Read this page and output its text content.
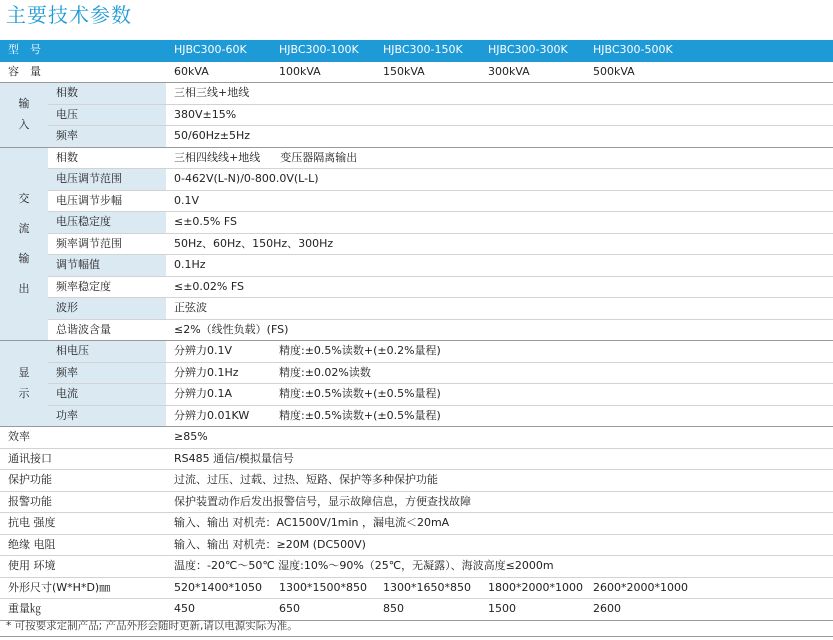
主要技术参数
型　号		HJBC300-60K	HJBC300-100K	HJBC300-150K	HJBC300-300K	HJBC300-500K
容　量		60kVA	100kVA	150kVA	300kVA	500kVA
输入	相数	三相三线+地线				
	电压	380V±15%				
	频率	50/60Hz±5Hz				
交流输出	相数	三相四线线+地线 变压器隔离输出				
	电压调节范围	0-462V(L-N)/0-800.0V(L-L)				
	电压调节步幅	0.1V				
	电压稳定度	≤±0.5% FS				
	频率调节范围	50Hz、60Hz、150Hz、300Hz				
	调节幅值	0.1Hz				
	频率稳定度	≤±0.02% FS				
	波形	正弦波				
	总谐波含量	≤2%（线性负载）(FS)				
显示	相电压	分辨力0.1V	精度:±0.5%读数+(±0.2%量程)			
	频率	分辨力0.1Hz	精度:±0.02%读数			
	电流	分辨力0.1A	精度:±0.5%读数+(±0.5%量程)			
	功率	分辨力0.01KW	精度:±0.5%读数+(±0.5%量程)			
效率		≥85%				
通讯接口		RS485 通信/模拟量信号				
保护功能		过流、过压、过载、过热、短路、保护等多种保护功能				
报警功能		保护装置动作后发出报警信号，显示故障信息，方便查找故障				
抗电 强度		输入、输出 对机壳：AC1500V/1min ，漏电流＜20mA				
绝缘 电阻		输入、输出 对机壳：≥20M (DC500V)				
使用 环境		温度：-20℃～50℃ 湿度:10%～90%（25℃，无凝露）、海波高度≤2000m				
外形尺寸(W*H*D)㎜		520*1400*1050	1300*1500*850	1300*1650*850	1800*2000*1000	2600*2000*1000
重量㎏		450	650	850	1500	2600
* 可按要求定制产品; 产品外形会随时更新,请以电源实际为准。
